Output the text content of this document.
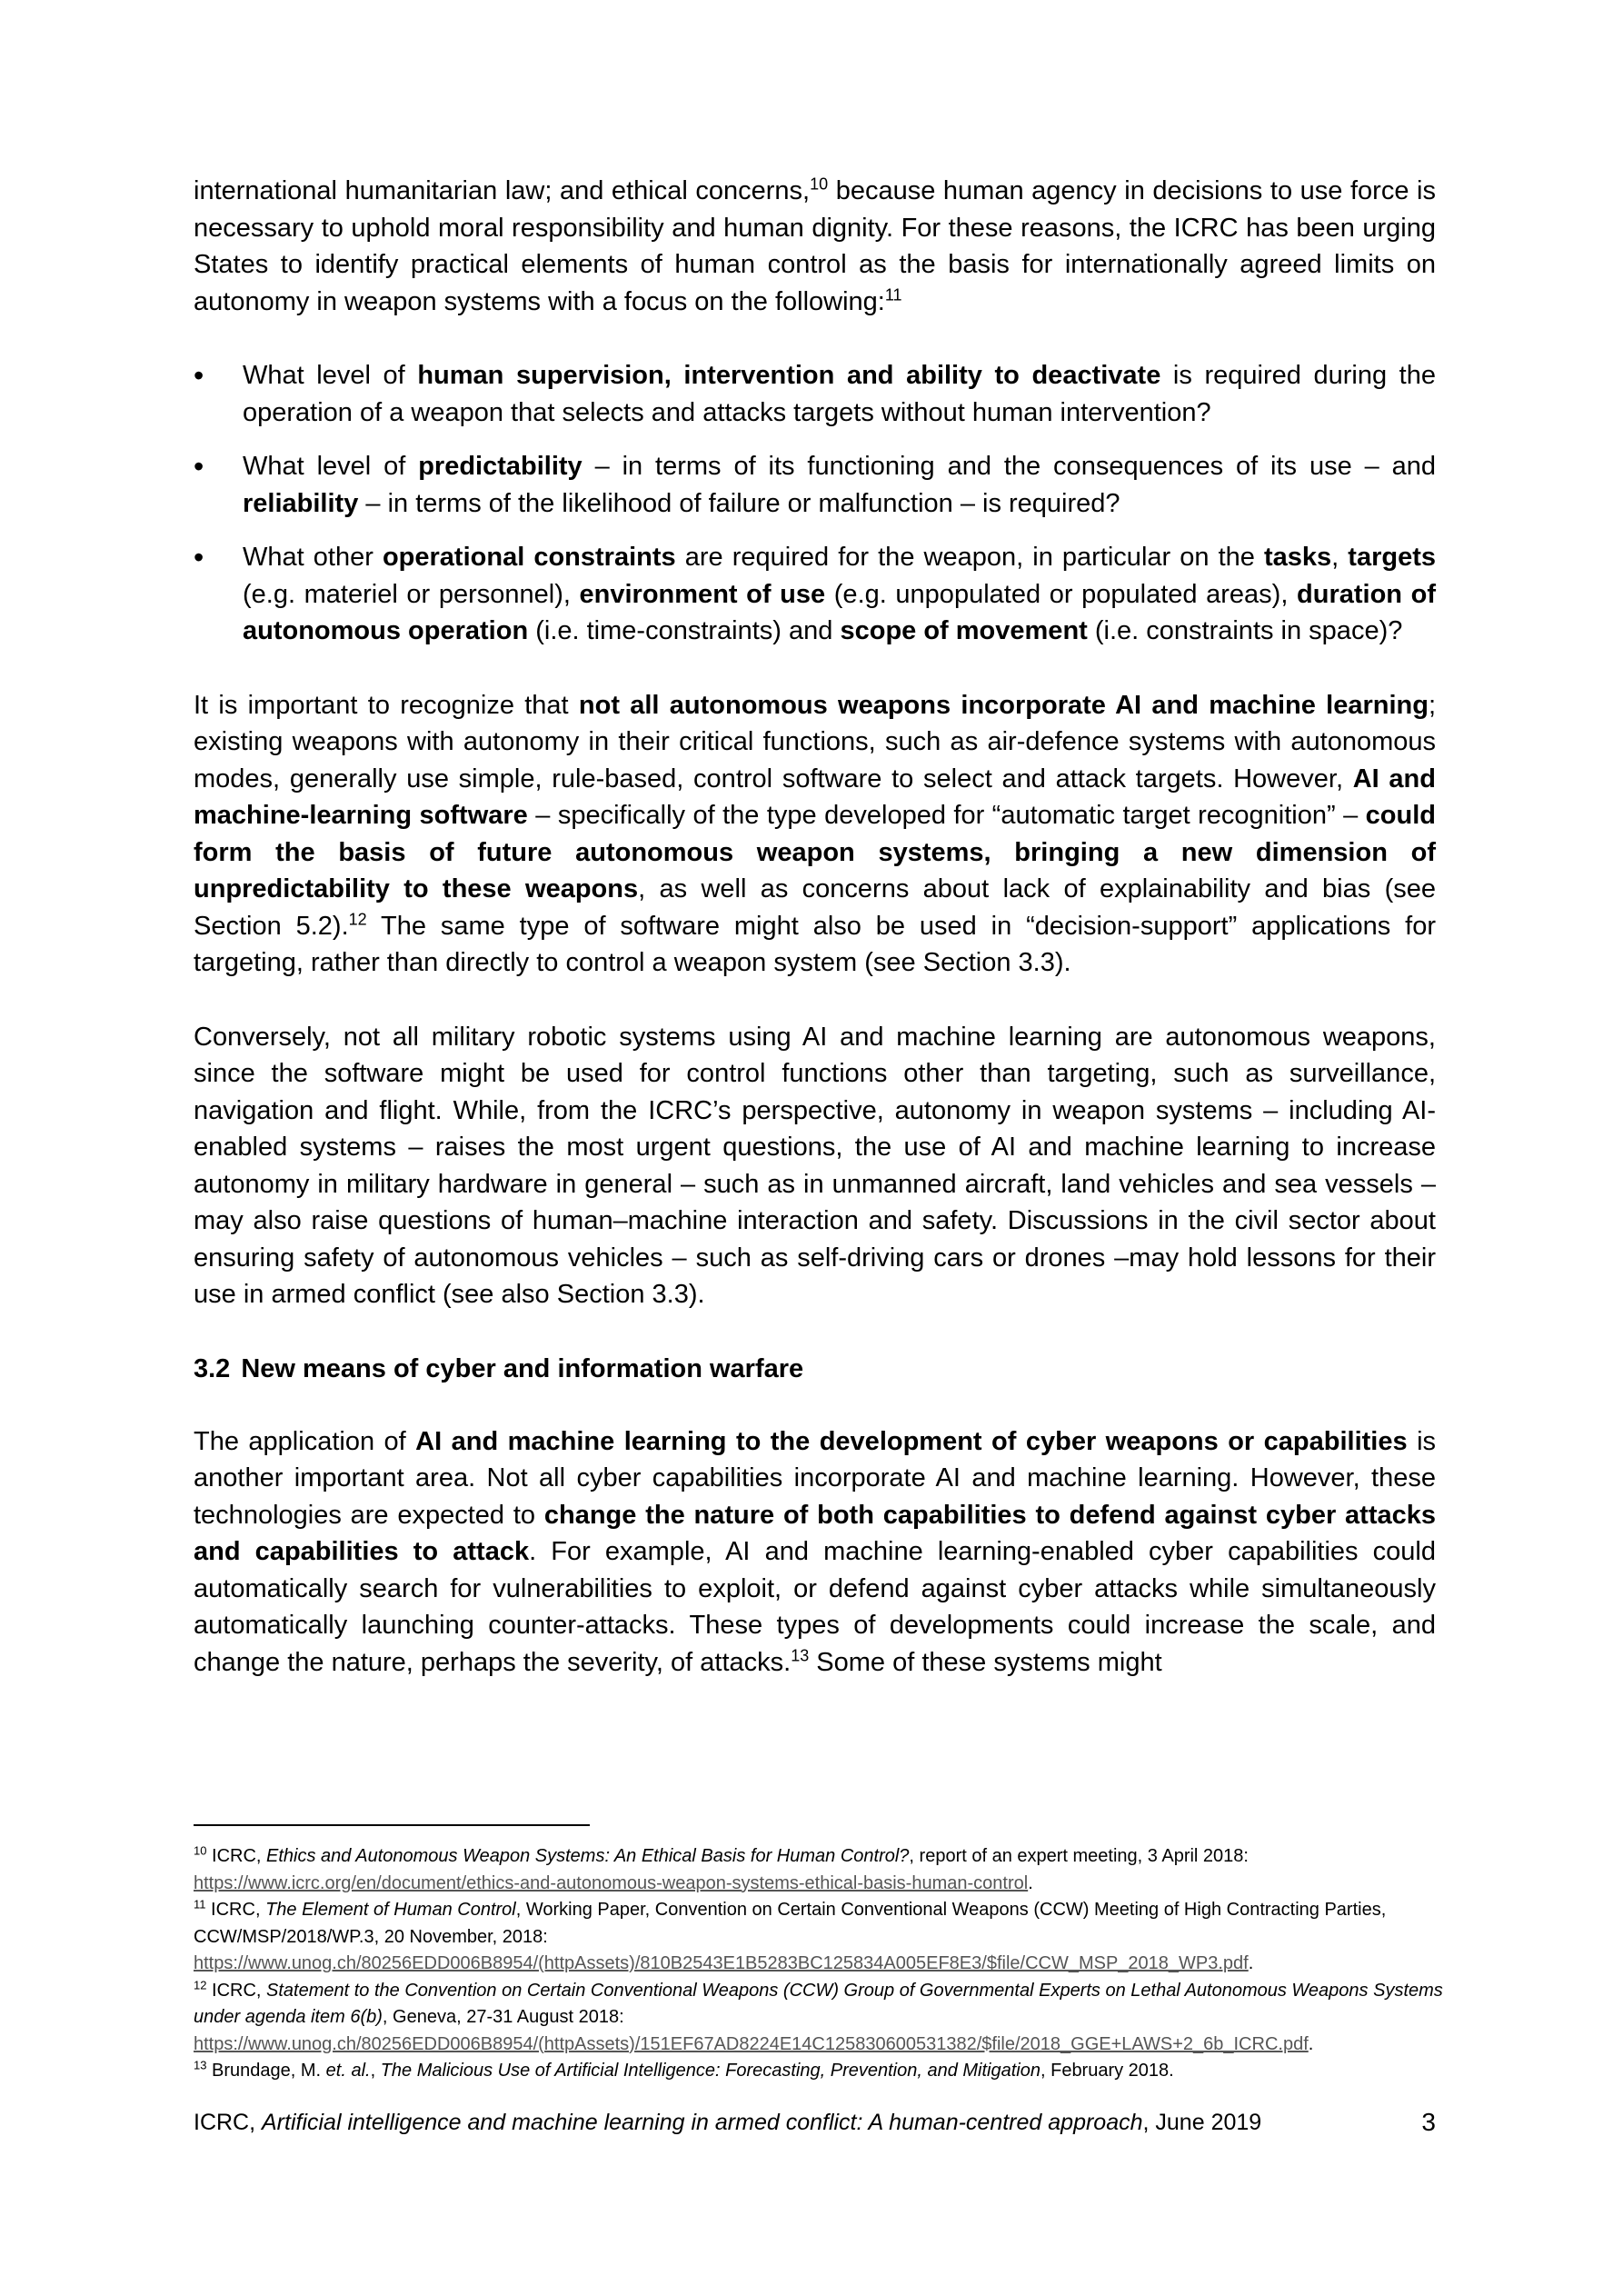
international humanitarian law; and ethical concerns,$^{10}$ because human agency in decisions to use force is necessary to uphold moral responsibility and human dignity. For these reasons, the ICRC has been urging States to identify practical elements of human control as the basis for internationally agreed limits on autonomy in weapon systems with a focus on the following:$^{11}$

• What level of human supervision, intervention and ability to deactivate is required during the operation of a weapon that selects and attacks targets without human intervention?
• What level of predictability – in terms of its functioning and the consequences of its use – and reliability – in terms of the likelihood of failure or malfunction – is required?
• What other operational constraints are required for the weapon, in particular on the tasks, targets (e.g. materiel or personnel), environment of use (e.g. unpopulated or populated areas), duration of autonomous operation (i.e. time-constraints) and scope of movement (i.e. constraints in space)?

It is important to recognize that not all autonomous weapons incorporate AI and machine learning; existing weapons with autonomy in their critical functions, such as air-defence systems with autonomous modes, generally use simple, rule-based, control software to select and attack targets. However, AI and machine-learning software – specifically of the type developed for “automatic target recognition” – could form the basis of future autonomous weapon systems, bringing a new dimension of unpredictability to these weapons, as well as concerns about lack of explainability and bias (see Section 5.2).$^{12}$ The same type of software might also be used in “decision-support” applications for targeting, rather than directly to control a weapon system (see Section 3.3).

Conversely, not all military robotic systems using AI and machine learning are autonomous weapons, since the software might be used for control functions other than targeting, such as surveillance, navigation and flight. While, from the ICRC’s perspective, autonomy in weapon systems – including AI-enabled systems – raises the most urgent questions, the use of AI and machine learning to increase autonomy in military hardware in general – such as in unmanned aircraft, land vehicles and sea vessels – may also raise questions of human–machine interaction and safety. Discussions in the civil sector about ensuring safety of autonomous vehicles – such as self-driving cars or drones –may hold lessons for their use in armed conflict (see also Section 3.3).

3.2 New means of cyber and information warfare

The application of AI and machine learning to the development of cyber weapons or capabilities is another important area. Not all cyber capabilities incorporate AI and machine learning. However, these technologies are expected to change the nature of both capabilities to defend against cyber attacks and capabilities to attack. For example, AI and machine learning-enabled cyber capabilities could automatically search for vulnerabilities to exploit, or defend against cyber attacks while simultaneously automatically launching counter-attacks. These types of developments could increase the scale, and change the nature, perhaps the severity, of attacks.$^{13}$ Some of these systems might

$^{10}$ ICRC, Ethics and Autonomous Weapon Systems: An Ethical Basis for Human Control?, report of an expert meeting, 3 April 2018: https://www.icrc.org/en/document/ethics-and-autonomous-weapon-systems-ethical-basis-human-control.

$^{11}$ ICRC, The Element of Human Control, Working Paper, Convention on Certain Conventional Weapons (CCW) Meeting of High Contracting Parties, CCW/MSP/2018/WP.3, 20 November, 2018: https://www.unog.ch/80256EDD006B8954/(httpAssets)/810B2543E1B5283BC125834A005EF8E3/$file/CCW_MSP_2018_WP3.pdf.

$^{12}$ ICRC, Statement to the Convention on Certain Conventional Weapons (CCW) Group of Governmental Experts on Lethal Autonomous Weapons Systems under agenda item 6(b), Geneva, 27-31 August 2018: https://www.unog.ch/80256EDD006B8954/(httpAssets)/151EF67AD8224E14C125830600531382/$file/2018_GGE+LAWS+2_6b_ICRC.pdf.

$^{13}$ Brundage, M. et. al., The Malicious Use of Artificial Intelligence: Forecasting, Prevention, and Mitigation, February 2018.

ICRC, Artificial intelligence and machine learning in armed conflict: A human-centred approach, June 2019	3
